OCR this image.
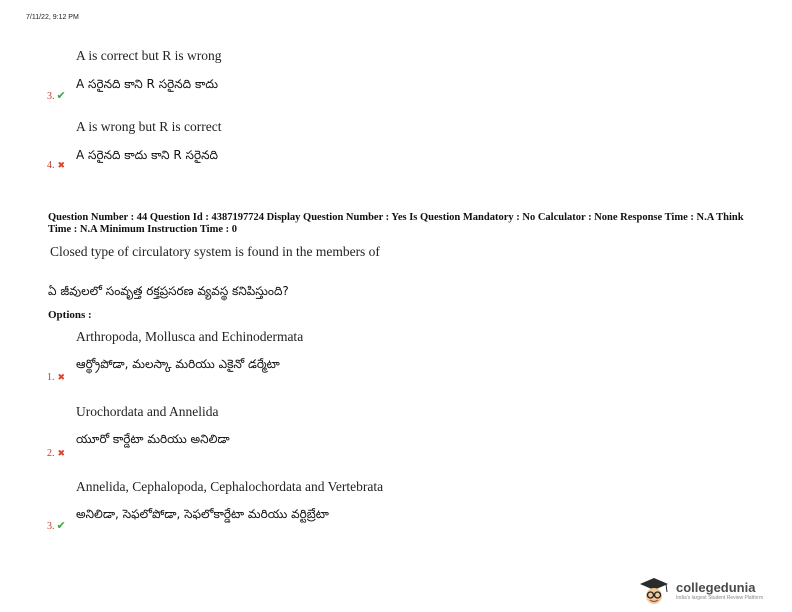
7/11/22, 9:12 PM
A is correct but R is wrong
A సరైనది కాని R సరైనది కాదు
3. ✔
A is wrong but R is correct
A సరైనది కాదు కాని R సరైనది
4. ✖
Question Number : 44 Question Id : 4387197724 Display Question Number : Yes Is Question Mandatory : No Calculator : None Response Time : N.A Think Time : N.A Minimum Instruction Time : 0
Closed type of circulatory system is found in the members of
ఏ జీవులలో సంవృత్త రక్తప్రసరణ వ్యవస్థ కనిపిస్తుంది?
Options :
Arthropoda, Mollusca and Echinodermata
ఆర్థ్రోపోడా, మలస్కా మరియు ఎకైనో డర్మేటా
1. ✖
Urochordata and Annelida
యూరో కార్డేటా మరియు అనిలిడా
2. ✖
Annelida, Cephalopoda, Cephalochordata and Vertebrata
అనిలిడా, సెఫలోపోడా, సెఫలోకార్డేటా మరియు వర్టిబ్రేటా
3. ✔
collegedunia
India's largest Student Review Platform
